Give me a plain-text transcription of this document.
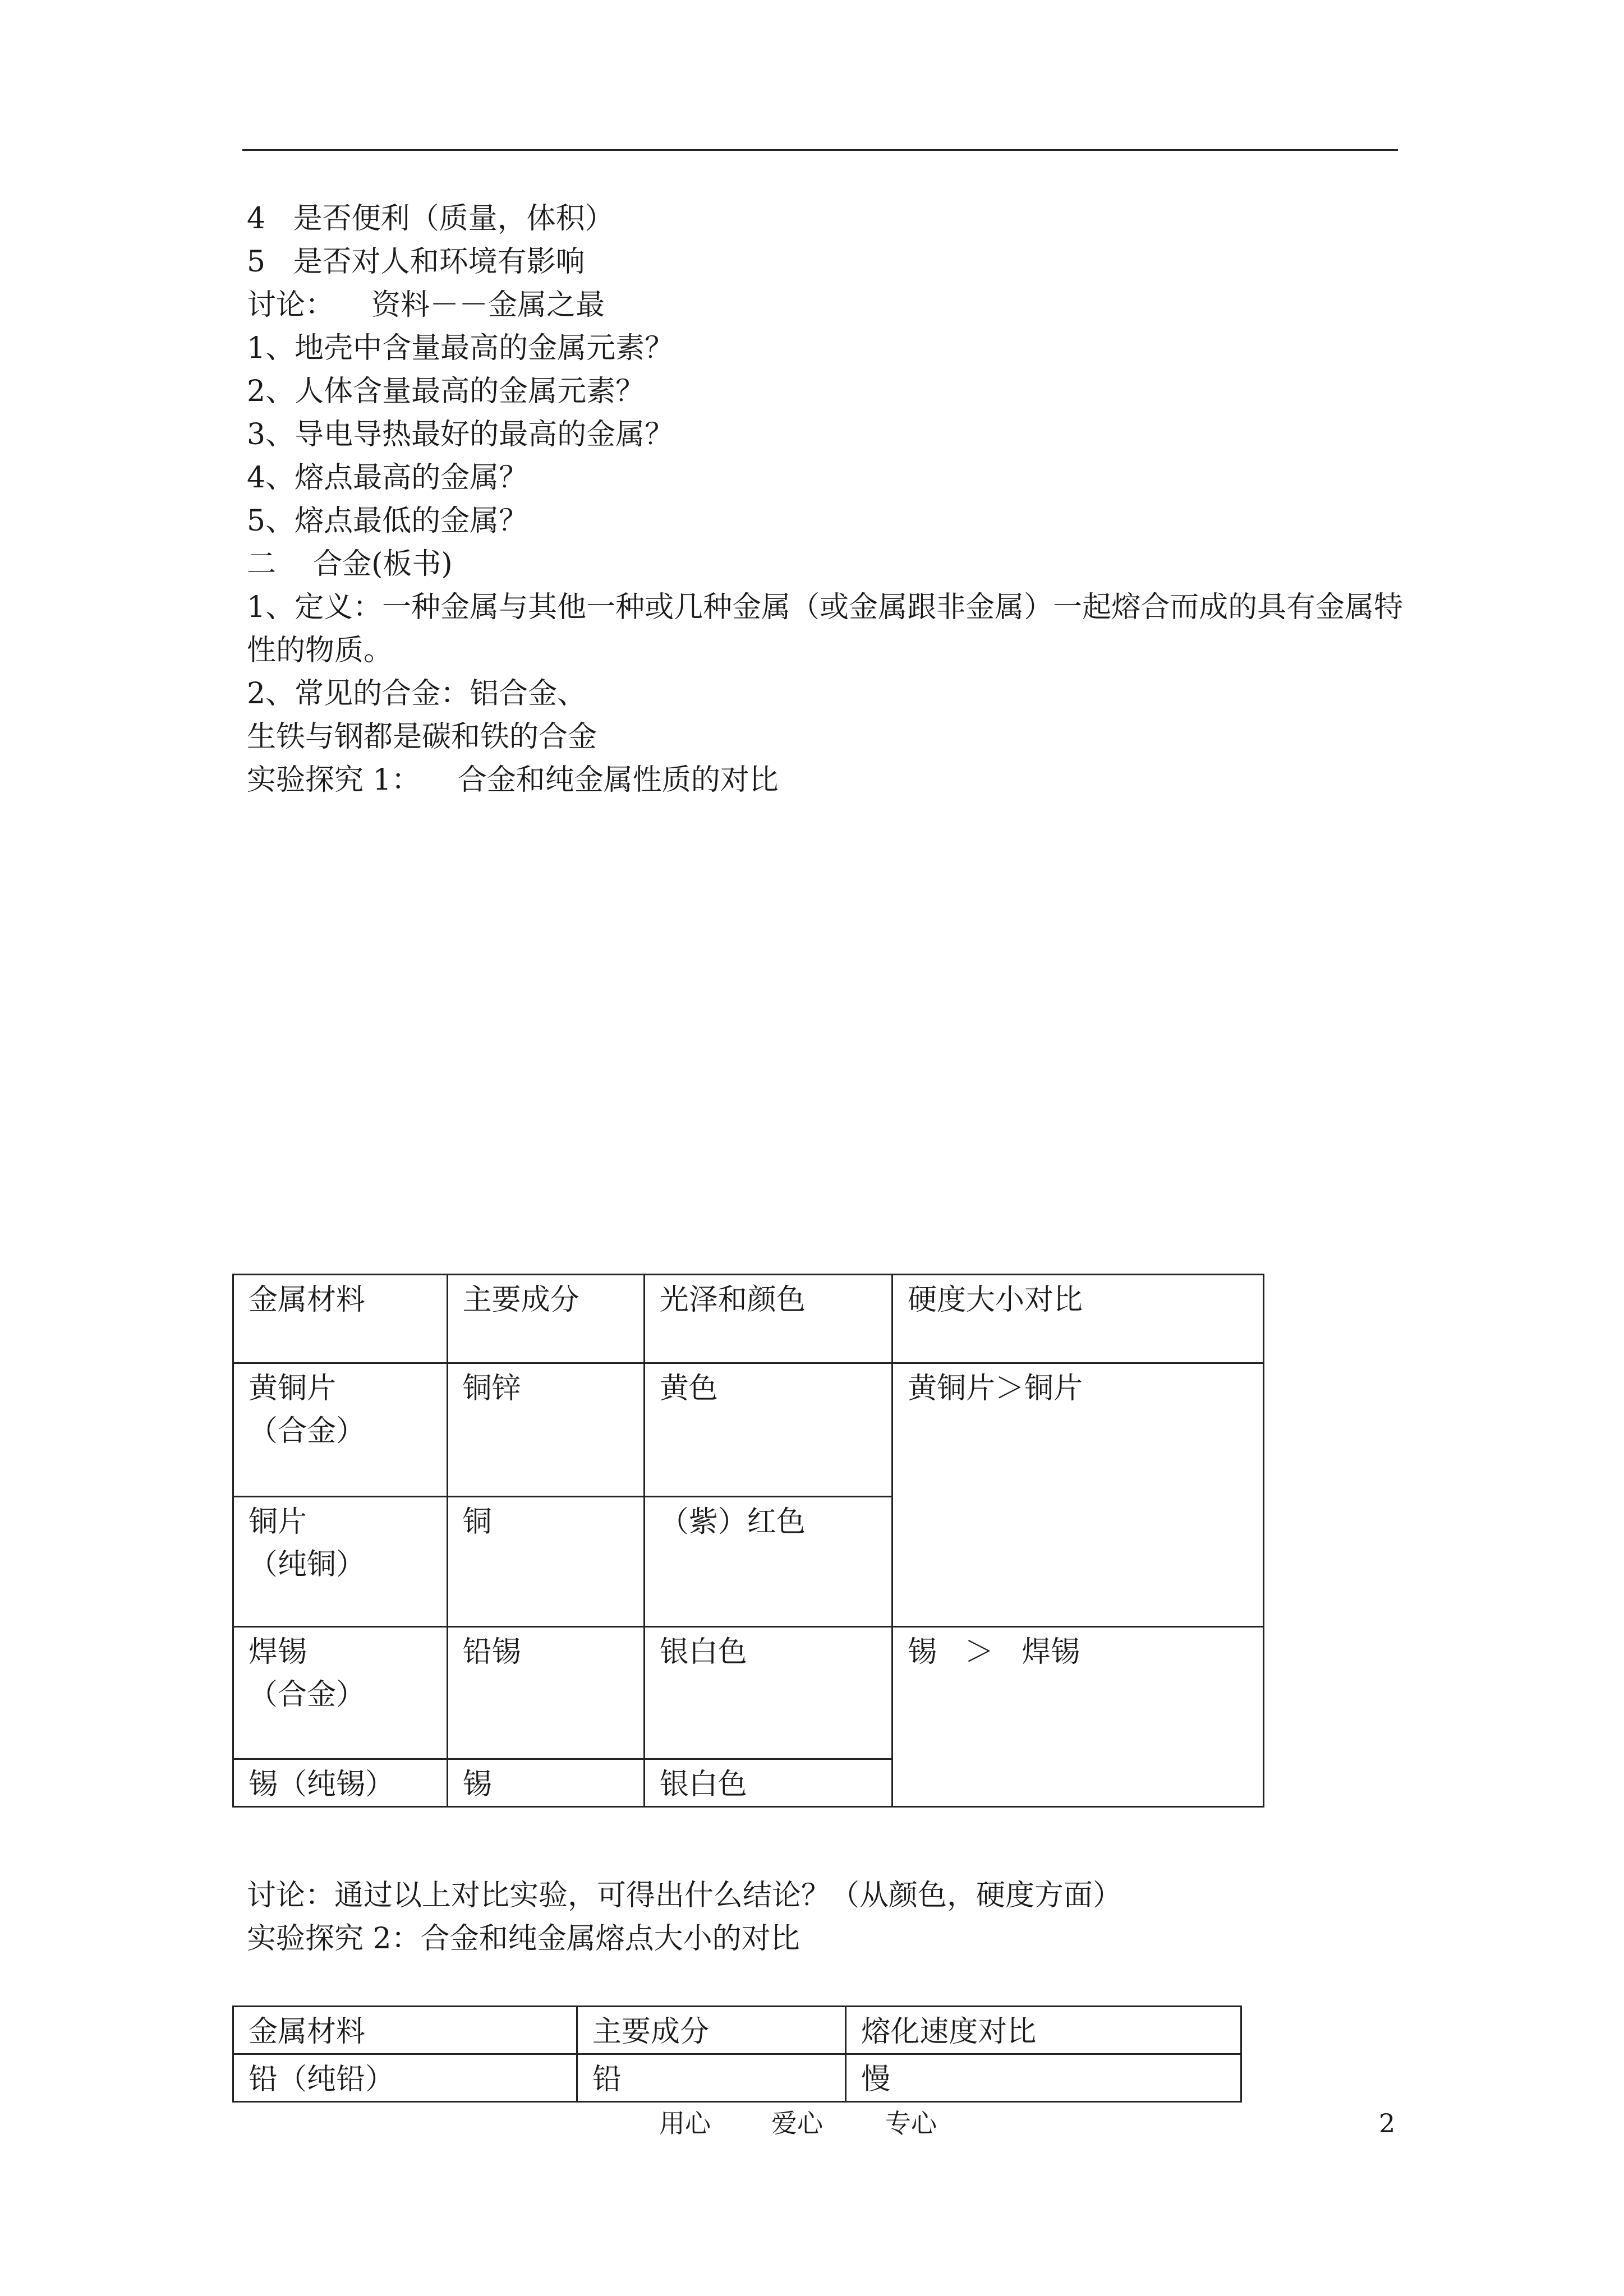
4   是否便利（质量，体积）
5   是否对人和环境有影响
讨论：    资料－－金属之最
1、地壳中含量最高的金属元素？
2、人体含量最高的金属元素？
3、导电导热最好的最高的金属？
4、熔点最高的金属？
5、熔点最低的金属？
二    合金(板书)
1、定义：一种金属与其他一种或几种金属（或金属跟非金属）一起熔合而成的具有金属特
性的物质。
2、常见的合金：铝合金、
生铁与钢都是碳和铁的合金
实验探究 1：    合金和纯金属性质的对比
金属材料	主要成分	光泽和颜色	硬度大小对比

黄铜片
（合金）	铜锌	黄色	黄铜片＞铜片

铜片
（纯铜）	铜	（紫）红色	

焊锡
（合金）	铅锡	银白色	锡   ＞   焊锡

锡（纯锡）	锡	银白色	
讨论：通过以上对比实验，可得出什么结论？（从颜色，硬度方面）
实验探究 2：合金和纯金属熔点大小的对比
金属材料	主要成分	熔化速度对比
铅（纯铅）	铅	慢
用心 爱心 专心	2
